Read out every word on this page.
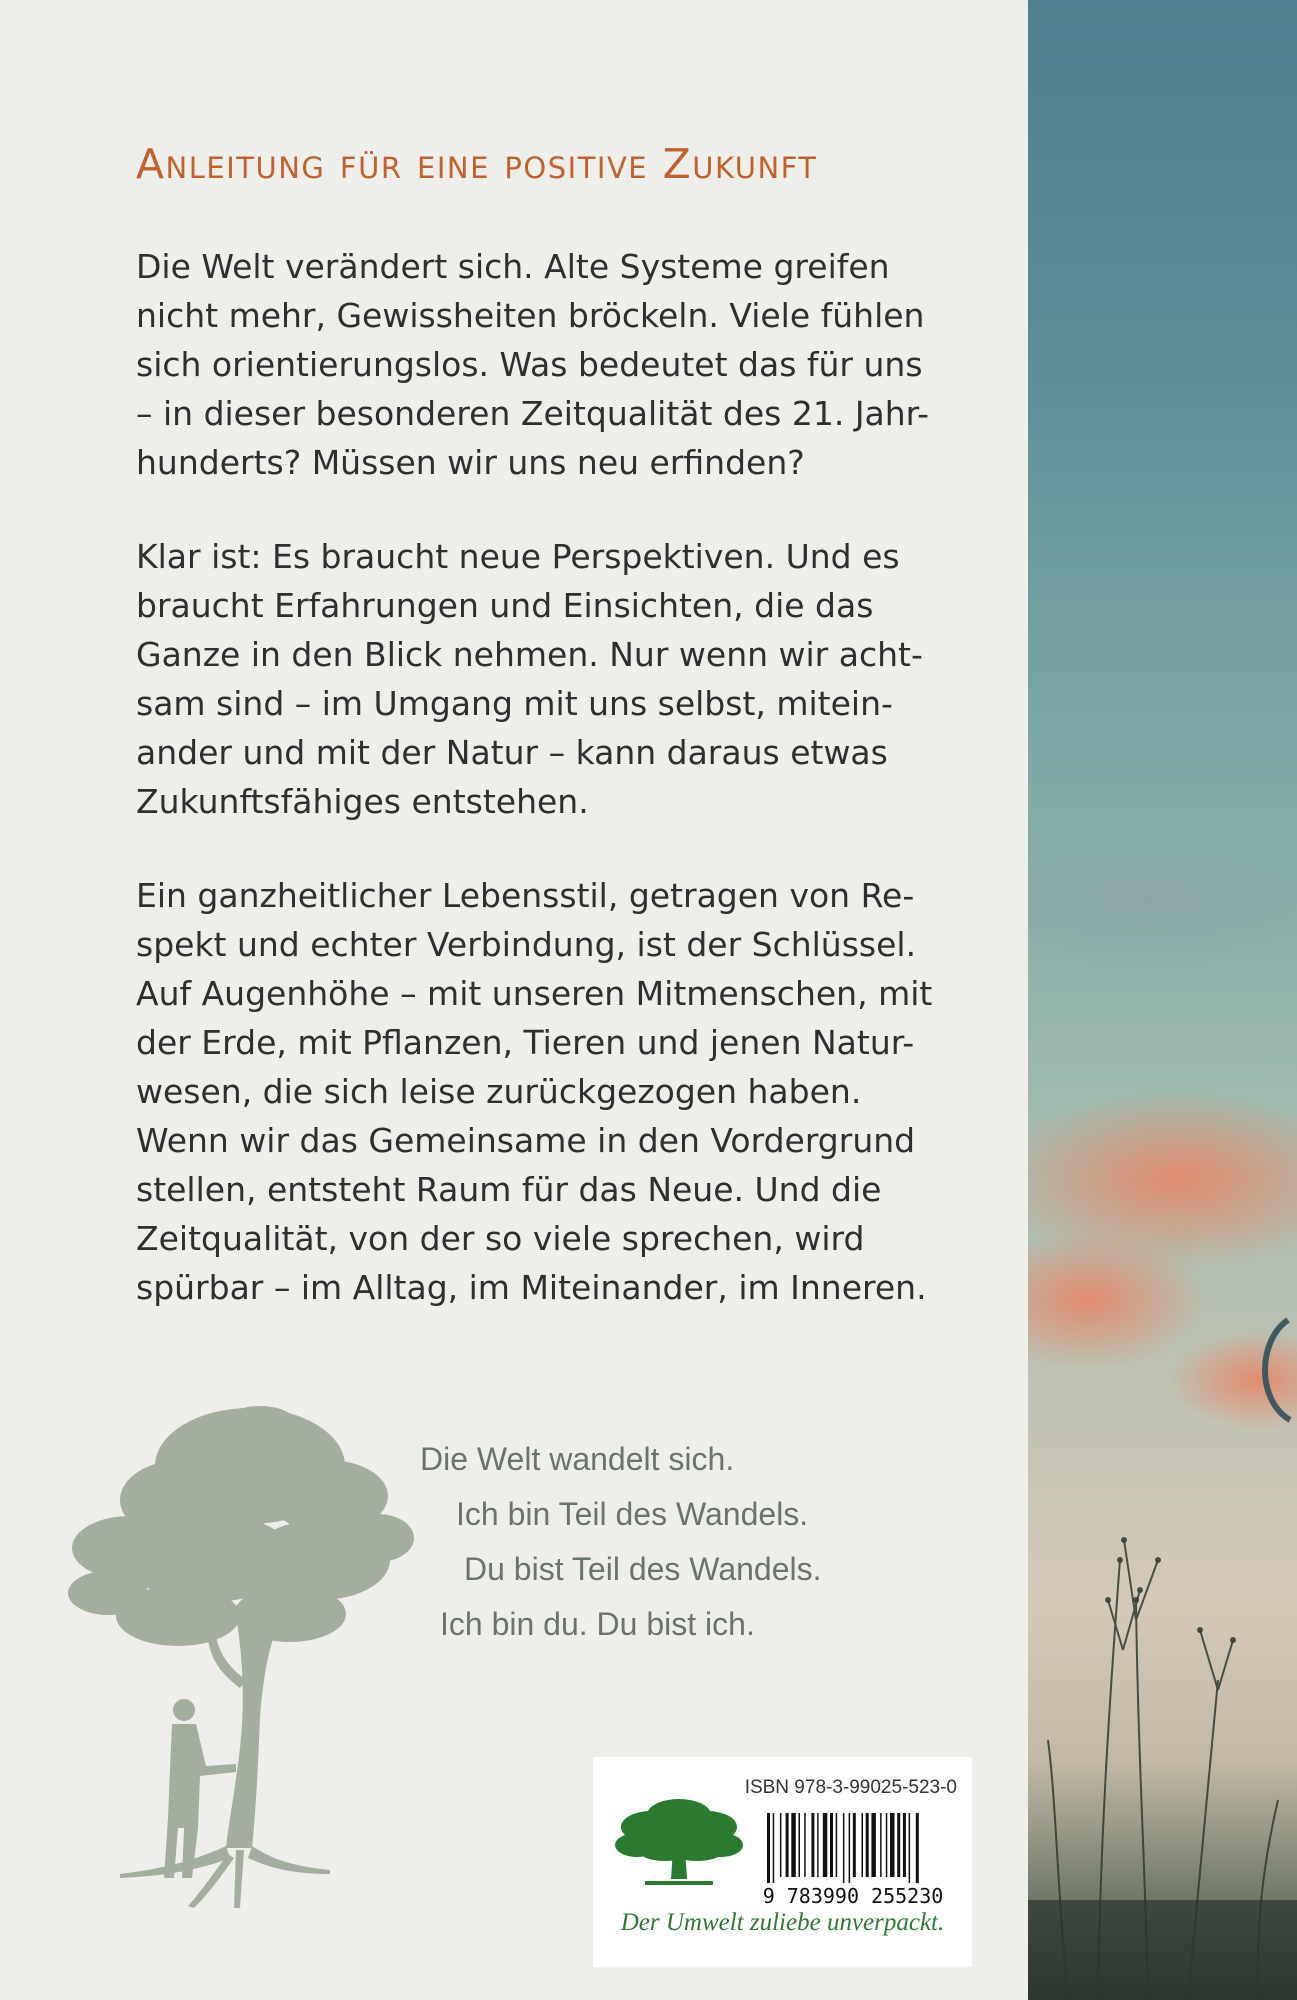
Anleitung für eine positive Zukunft

Die Welt verändert sich. Alte Systeme greifen
nicht mehr, Gewissheiten bröckeln. Viele fühlen
sich orientierungslos. Was bedeutet das für uns
– in dieser besonderen Zeitqualität des 21. Jahr-
hunderts? Müssen wir uns neu erfinden?

Klar ist: Es braucht neue Perspektiven. Und es
braucht Erfahrungen und Einsichten, die das
Ganze in den Blick nehmen. Nur wenn wir acht-
sam sind – im Umgang mit uns selbst, mitein-
ander und mit der Natur – kann daraus etwas
Zukunftsfähiges entstehen.

Ein ganzheitlicher Lebensstil, getragen von Re-
spekt und echter Verbindung, ist der Schlüssel.
Auf Augenhöhe – mit unseren Mitmenschen, mit
der Erde, mit Pflanzen, Tieren und jenen Natur-
wesen, die sich leise zurückgezogen haben.
Wenn wir das Gemeinsame in den Vordergrund
stellen, entsteht Raum für das Neue. Und die
Zeitqualität, von der so viele sprechen, wird
spürbar – im Alltag, im Miteinander, im Inneren.

Die Welt wandelt sich.
Ich bin Teil des Wandels.
Du bist Teil des Wandels.
Ich bin du. Du bist ich.
ISBN 978-3-99025-523-0
9 783990 255230
Der Umwelt zuliebe unverpackt.
